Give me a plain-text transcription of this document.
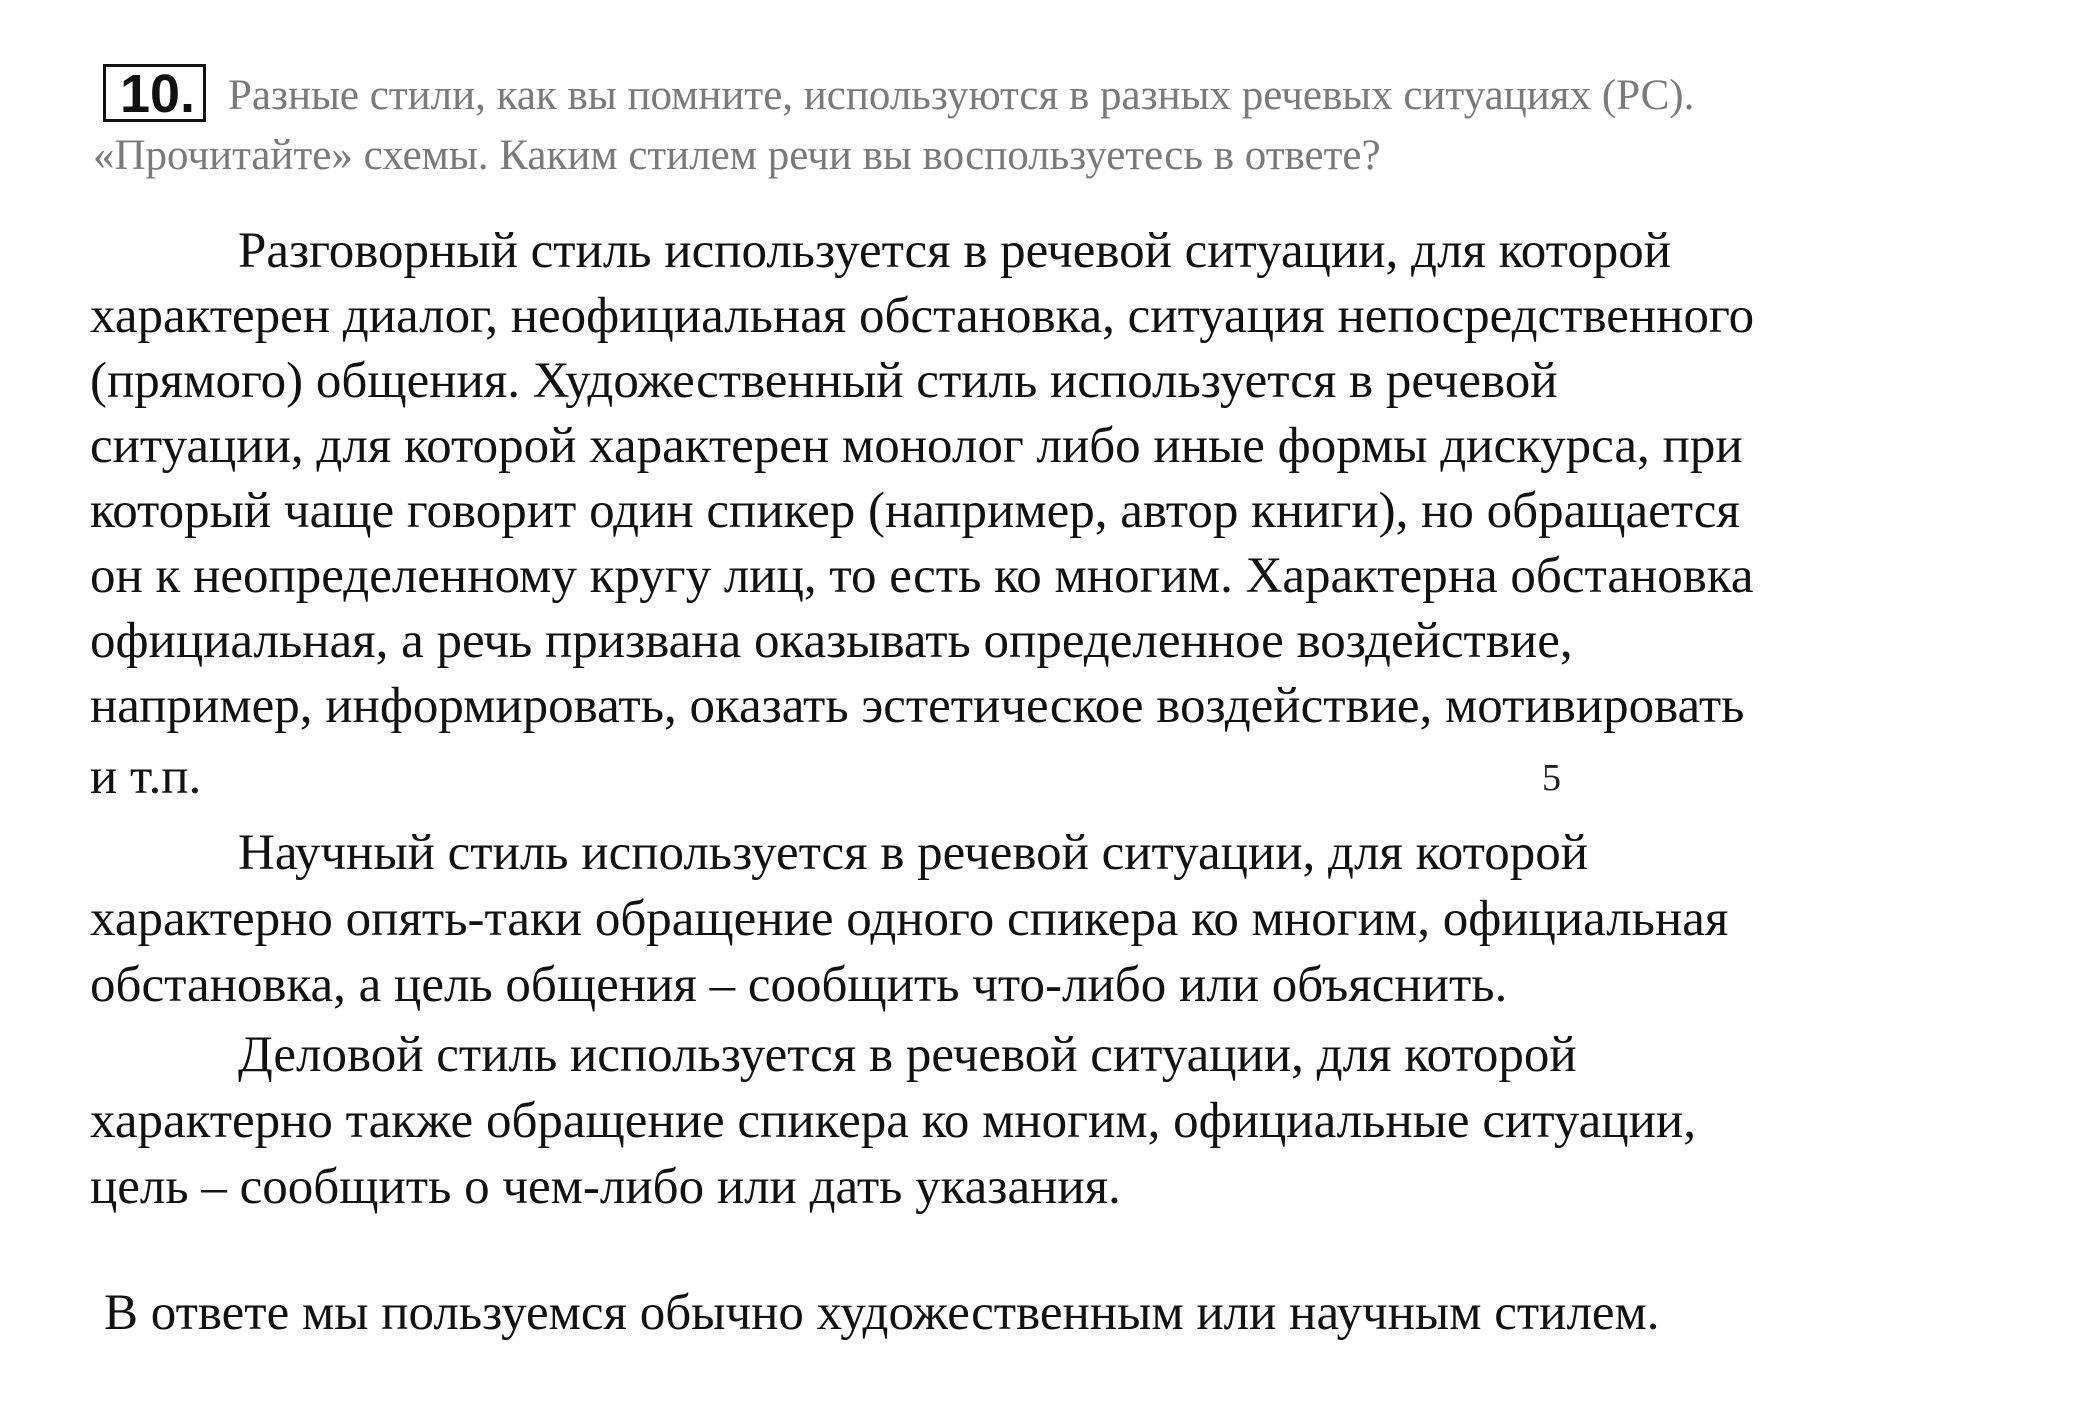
10. Разные стили, как вы помните, используются в разных речевых ситуациях (РС).
«Прочитайте» схемы. Каким стилем речи вы воспользуетесь в ответе?
Разговорный стиль используется в речевой ситуации, для которой
характерен диалог, неофициальная обстановка, ситуация непосредственного
(прямого) общения. Художественный стиль используется в речевой
ситуации, для которой характерен монолог либо иные формы дискурса, при
который чаще говорит один спикер (например, автор книги), но обращается
он к неопределенному кругу лиц, то есть ко многим. Характерна обстановка
официальная, а речь призвана оказывать определенное воздействие,
например, информировать, оказать эстетическое воздействие, мотивировать
и т.п.	5
Научный стиль используется в речевой ситуации, для которой
характерно опять-таки обращение одного спикера ко многим, официальная
обстановка, а цель общения – сообщить что-либо или объяснить.
Деловой стиль используется в речевой ситуации, для которой
характерно также обращение спикера ко многим, официальные ситуации,
цель – сообщить о чем-либо или дать указания.
В ответе мы пользуемся обычно художественным или научным стилем.
